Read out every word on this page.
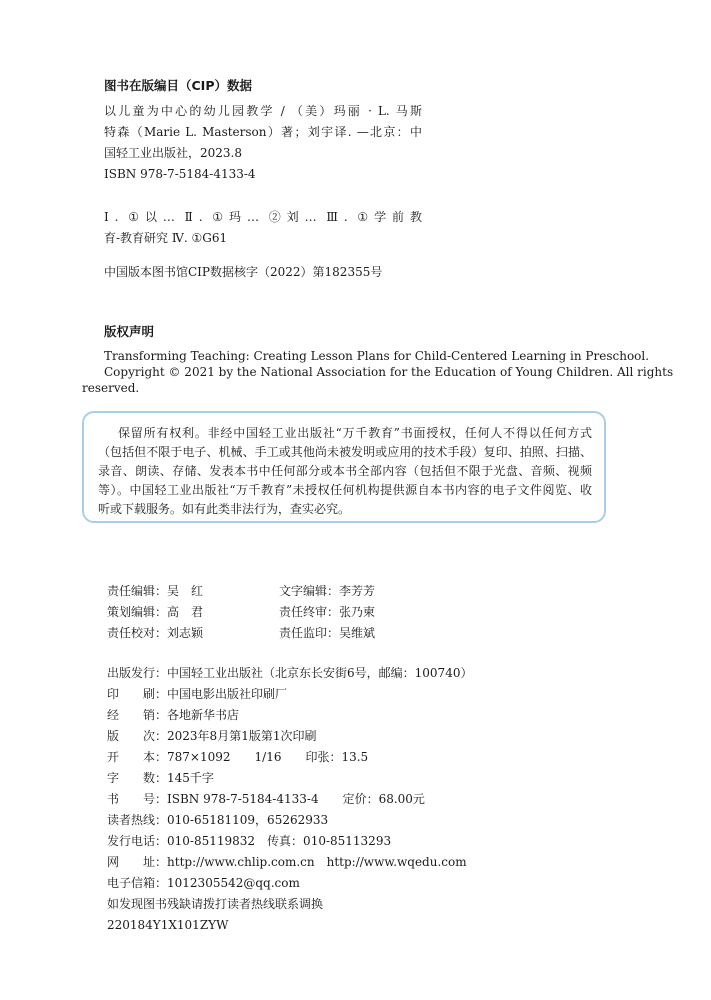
图书在版编目（CIP）数据
以儿童为中心的幼儿园教学 / （美）玛丽 · L. 马斯
特森（Marie L. Masterson）著；刘宇译. —北京：中
国轻工业出版社，2023.8
ISBN 978-7-5184-4133-4
Ⅰ. ①以… Ⅱ. ①玛… ②刘… Ⅲ. ①学前教
育-教育研究 Ⅳ. ①G61
中国版本图书馆CIP数据核字（2022）第182355号
版权声明
Transforming Teaching: Creating Lesson Plans for Child-Centered Learning in Preschool.
Copyright © 2021 by the National Association for the Education of Young Children. All rights
reserved.
保留所有权利。非经中国轻工业出版社“万千教育”书面授权，任何人不得以任何方式
（包括但不限于电子、机械、手工或其他尚未被发明或应用的技术手段）复印、拍照、扫描、
录音、朗读、存储、发表本书中任何部分或本书全部内容（包括但不限于光盘、音频、视频
等）。中国轻工业出版社“万千教育”未授权任何机构提供源自本书内容的电子文件阅览、收
听或下载服务。如有此类非法行为，查实必究。
责任编辑：吴　红	文字编辑：李芳芳
策划编辑：高　君	责任终审：张乃柬
责任校对：刘志颖	责任监印：吴维斌
出版发行：中国轻工业出版社（北京东长安街6号，邮编：100740）
印　　刷：中国电影出版社印刷厂
经　　销：各地新华书店
版　　次：2023年8月第1版第1次印刷
开　　本：787×1092　　1/16　　印张：13.5
字　　数：145千字
书　　号：ISBN 978-7-5184-4133-4　　定价：68.00元
读者热线：010-65181109，65262933
发行电话：010-85119832　传真：010-85113293
网　　址：http://www.chlip.com.cn　http://www.wqedu.com
电子信箱：1012305542@qq.com
如发现图书残缺请拨打读者热线联系调换
220184Y1X101ZYW
